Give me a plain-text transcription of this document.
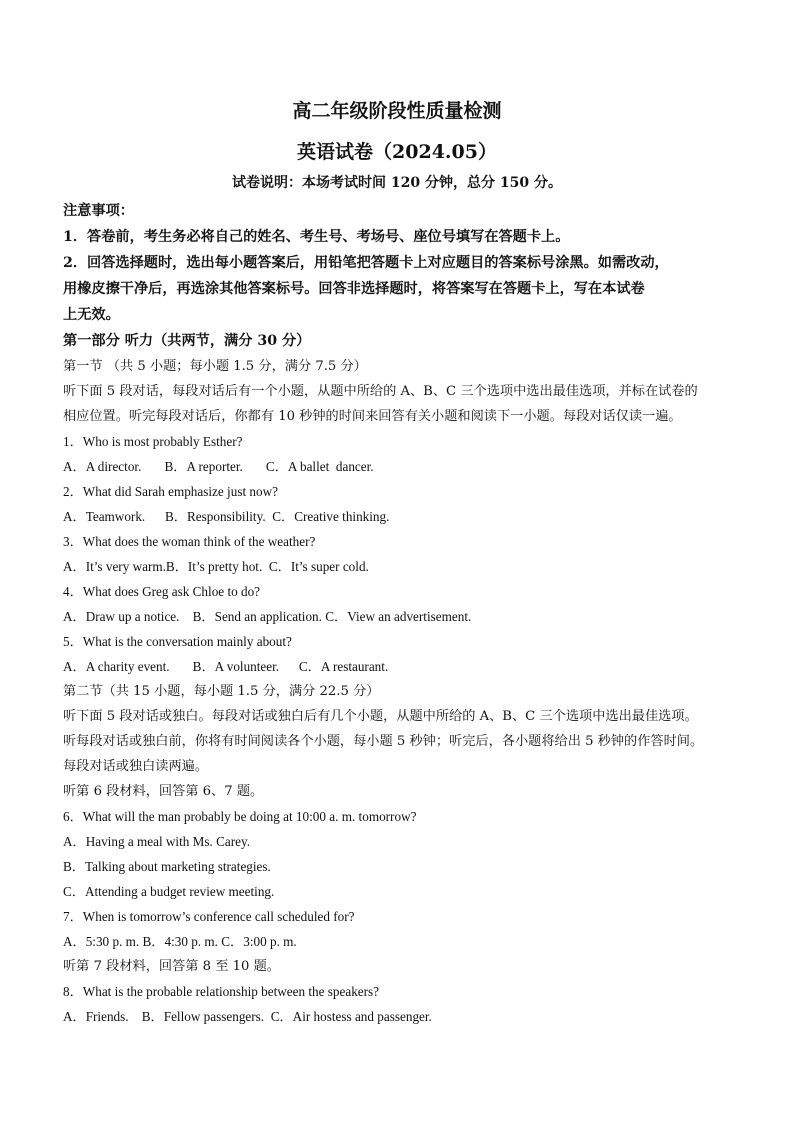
高二年级阶段性质量检测
英语试卷（2024.05）
试卷说明：本场考试时间 120 分钟，总分 150 分。
注意事项：
1．答卷前，考生务必将自己的姓名、考生号、考场号、座位号填写在答题卡上。
2．回答选择题时，选出每小题答案后，用铅笔把答题卡上对应题目的答案标号涂黑。如需改动，
用橡皮擦干净后，再选涂其他答案标号。回答非选择题时，将答案写在答题卡上，写在本试卷
上无效。
第一部分 听力（共两节，满分 30 分）
第一节 （共 5 小题；每小题 1.5 分，满分 7.5 分）
听下面 5 段对话，每段对话后有一个小题，从题中所给的 A、B、C 三个选项中选出最佳选项，并标在试卷的
相应位置。听完每段对话后，你都有 10 秒钟的时间来回答有关小题和阅读下一小题。每段对话仅读一遍。
1．Who is most probably Esther?
A．A director.       B．A reporter.       C．A ballet  dancer.
2．What did Sarah emphasize just now?
A．Teamwork.      B．Responsibility.  C．Creative thinking.
3．What does the woman think of the weather?
A．It’s very warm.B．It’s pretty hot.  C．It’s super cold.
4．What does Greg ask Chloe to do?
A．Draw up a notice.    B．Send an application. C．View an advertisement.
5．What is the conversation mainly about?
A．A charity event.       B．A volunteer.      C．A restaurant.
第二节（共 15 小题，每小题 1.5 分，满分 22.5 分）
听下面 5 段对话或独白。每段对话或独白后有几个小题，从题中所给的 A、B、C 三个选项中选出最佳选项。
听每段对话或独白前，你将有时间阅读各个小题，每小题 5 秒钟；听完后，各小题将给出 5 秒钟的作答时间。
每段对话或独白读两遍。
听第 6 段材料，回答第 6、7 题。
6．What will the man probably be doing at 10:00 a. m. tomorrow?
A．Having a meal with Ms. Carey.
B．Talking about marketing strategies.
C．Attending a budget review meeting.
7．When is tomorrow’s conference call scheduled for?
A．5:30 p. m. B．4:30 p. m. C．3:00 p. m.
听第 7 段材料，回答第 8 至 10 题。
8．What is the probable relationship between the speakers?
A．Friends.    B．Fellow passengers.  C．Air hostess and passenger.
